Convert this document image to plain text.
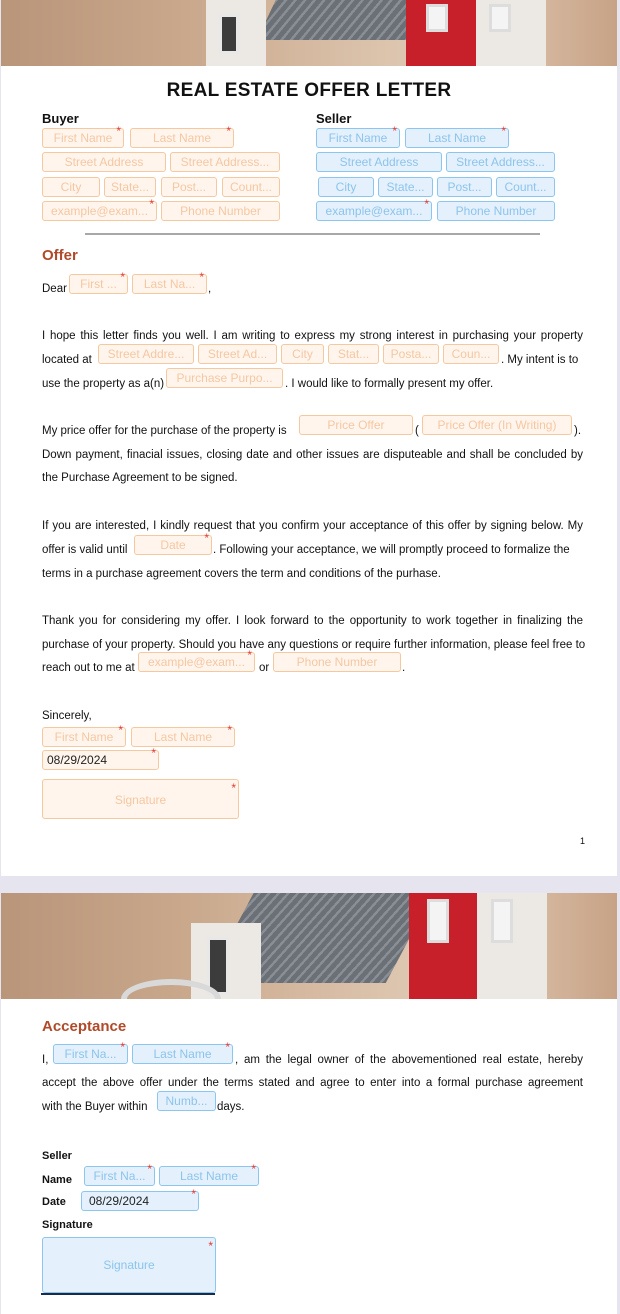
REAL ESTATE OFFER LETTER
Buyer
First Name *	Last Name	*
Street Address	Street Address...
City	State...	Post...	Count...
example@exam... *	Phone Number
Seller
First Name *	Last Name	*
Street Address	Street Address...
City	State...	Post...	Count...
example@exam... *	Phone Number
Offer
Dear	First ... *	Last Na... *
,
I hope this letter finds you well. I am writing to express my strong interest in purchasing your property
located at	Street Addre...	Street Ad...	City	Stat...	Posta...	Coun... . My intent is to
use the property as a(n)	Purchase Purpo...	. I would like to formally present my offer.
My price offer for the purchase of the property is	Price Offer	(	Price Offer (In Writing)	).
Down payment, finacial issues, closing date and other issues are disputeable and shall be concluded by
the Purchase Agreement to be signed.
If you are interested, I kindly request that you confirm your acceptance of this offer by signing below. My
offer is valid until	Date	*
. Following your acceptance, we will promptly proceed to formalize the
terms in a purchase agreement covers the term and conditions of the purhase.
Thank you for considering my offer. I look forward to the opportunity to work together in finalizing the
purchase of your property. Should you have any questions or require further information, please feel free to
reach out to me at	example@exam... *
or	Phone Number	.
Sincerely,
First Name *	Last Name	*
08/29/2024	*
Signature
*
1
Acceptance
I,	First Na... *	Last Name	*
, am the legal owner of the abovementioned real estate, hereby
accept the above offer under the terms stated and agree to enter into a formal purchase agreement
with the Buyer within	Numb... days.
Seller
Name	First Na... *	Last Name	*
Date	08/29/2024	*
Signature
Signature
*
